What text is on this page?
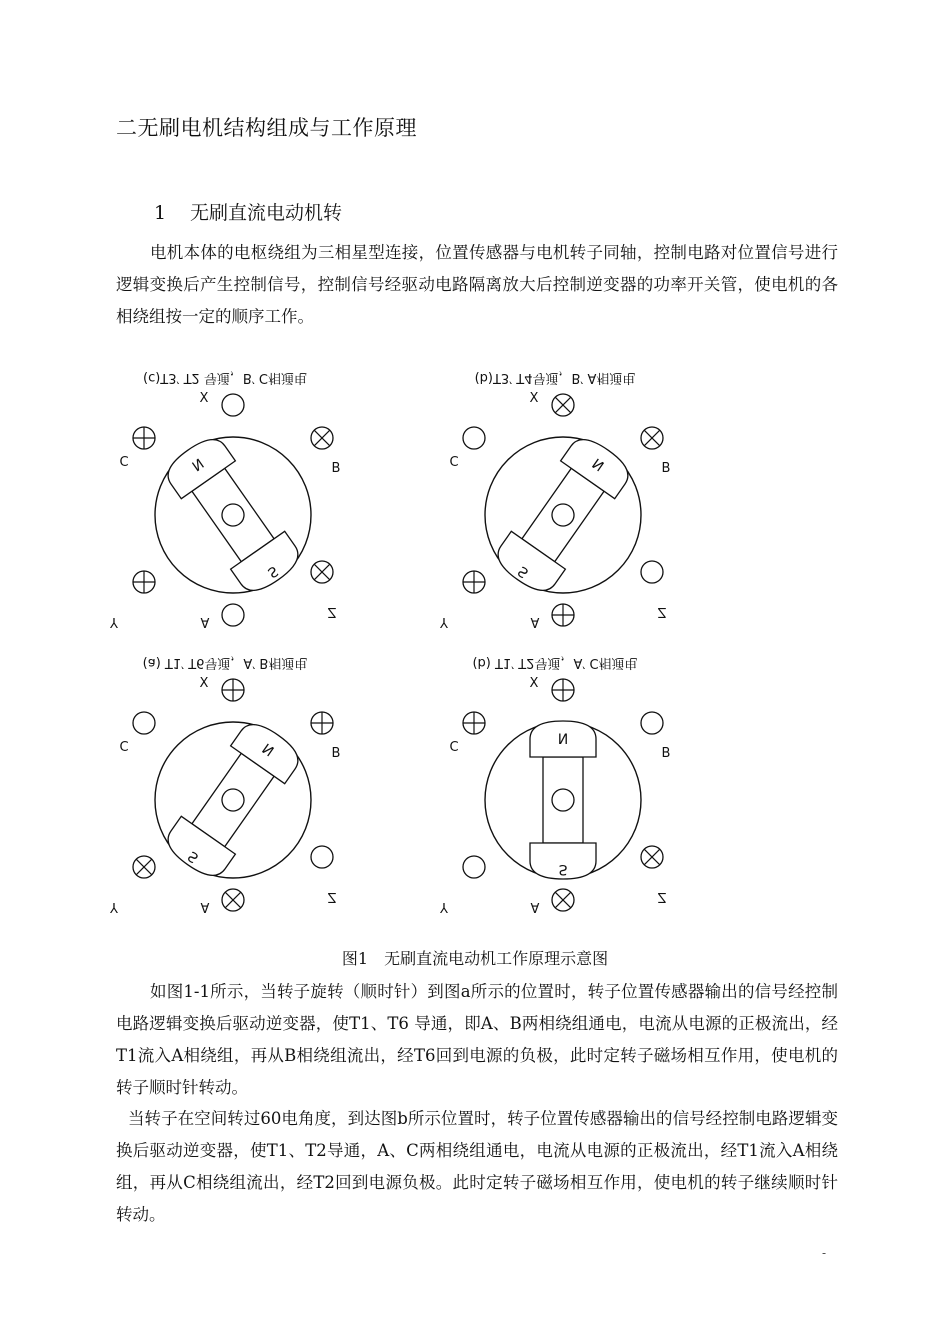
二无刷电机结构组成与工作原理
1 无刷直流电动机转
电机本体的电枢绕组为三相星型连接，位置传感器与电机转子同轴，控制电路对位置信号进行逻辑变换后产生控制信号，控制信号经驱动电路隔离放大后控制逆变器的功率开关管，使电机的各相绕组按一定的顺序工作。
(c)T3′ T2 导通，B′ C相通电
N
S
X
B
C
Y	A
Z
(b)T3′ T4导通，B′ A相通电
N
S
X
B
C
Y	A
Z
(a) T1′ T6导通，A′ B相通电
N
S
X
B
C
Y	A
Z
(b) T1′ T2导通，A′ C相通电
N
S
X
B
C
Y	A
Z
图1　无刷直流电动机工作原理示意图
如图1-1所示，当转子旋转（顺时针）到图a所示的位置时，转子位置传感器输出的信号经控制电路逻辑变换后驱动逆变器，使T1、T6 导通，即A、B两相绕组通电，电流从电源的正极流出，经T1流入A相绕组，再从B相绕组流出，经T6回到电源的负极，此时定转子磁场相互作用，使电机的转子顺时针转动。
当转子在空间转过60电角度，到达图b所示位置时，转子位置传感器输出的信号经控制电路逻辑变换后驱动逆变器，使T1、T2导通，A、C两相绕组通电，电流从电源的正极流出，经T1流入A相绕组，再从C相绕组流出，经T2回到电源负极。此时定转子磁场相互作用，使电机的转子继续顺时针转动。
-
